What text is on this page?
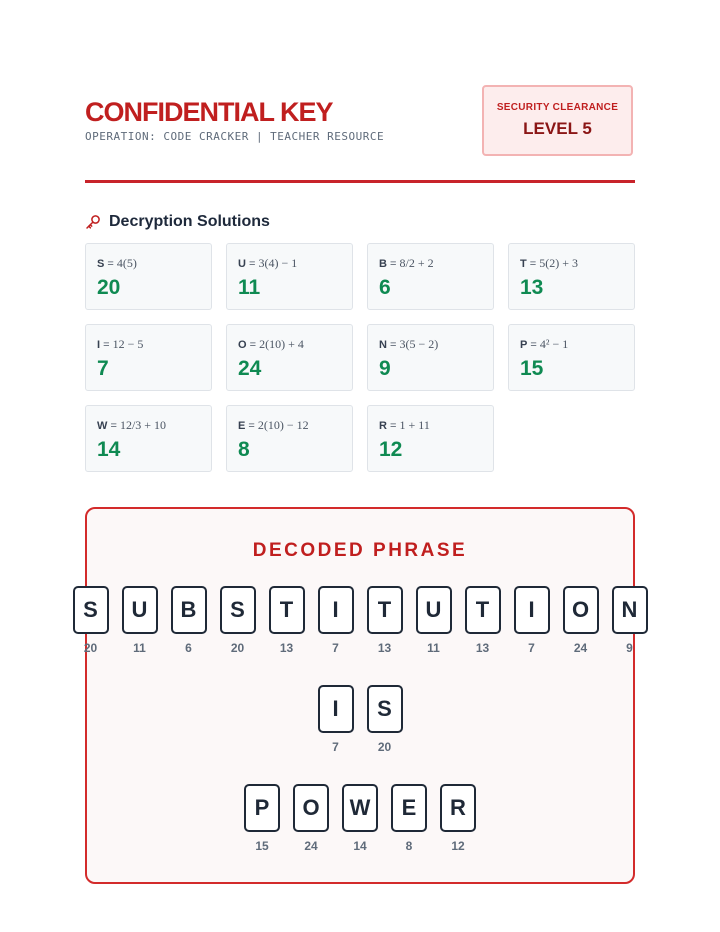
CONFIDENTIAL KEY
OPERATION: CODE CRACKER | TEACHER RESOURCE
SECURITY CLEARANCE
LEVEL 5
Decryption Solutions
S = 4(5)
20
U = 3(4) − 1
11
B = 8/2 + 2
6
T = 5(2) + 3
13
I = 12 − 5
7
O = 2(10) + 4
24
N = 3(5 − 2)
9
P = 4² − 1
15
W = 12/3 + 10
14
E = 2(10) − 12
8
R = 1 + 11
12
DECODED PHRASE
S
20
U
11
B
6
S
20
T
13
I
7
T
13
U
11
T
13
I
7
O
24
N
9
I
7
S
20
P
15
O
24
W
14
E
8
R
12
